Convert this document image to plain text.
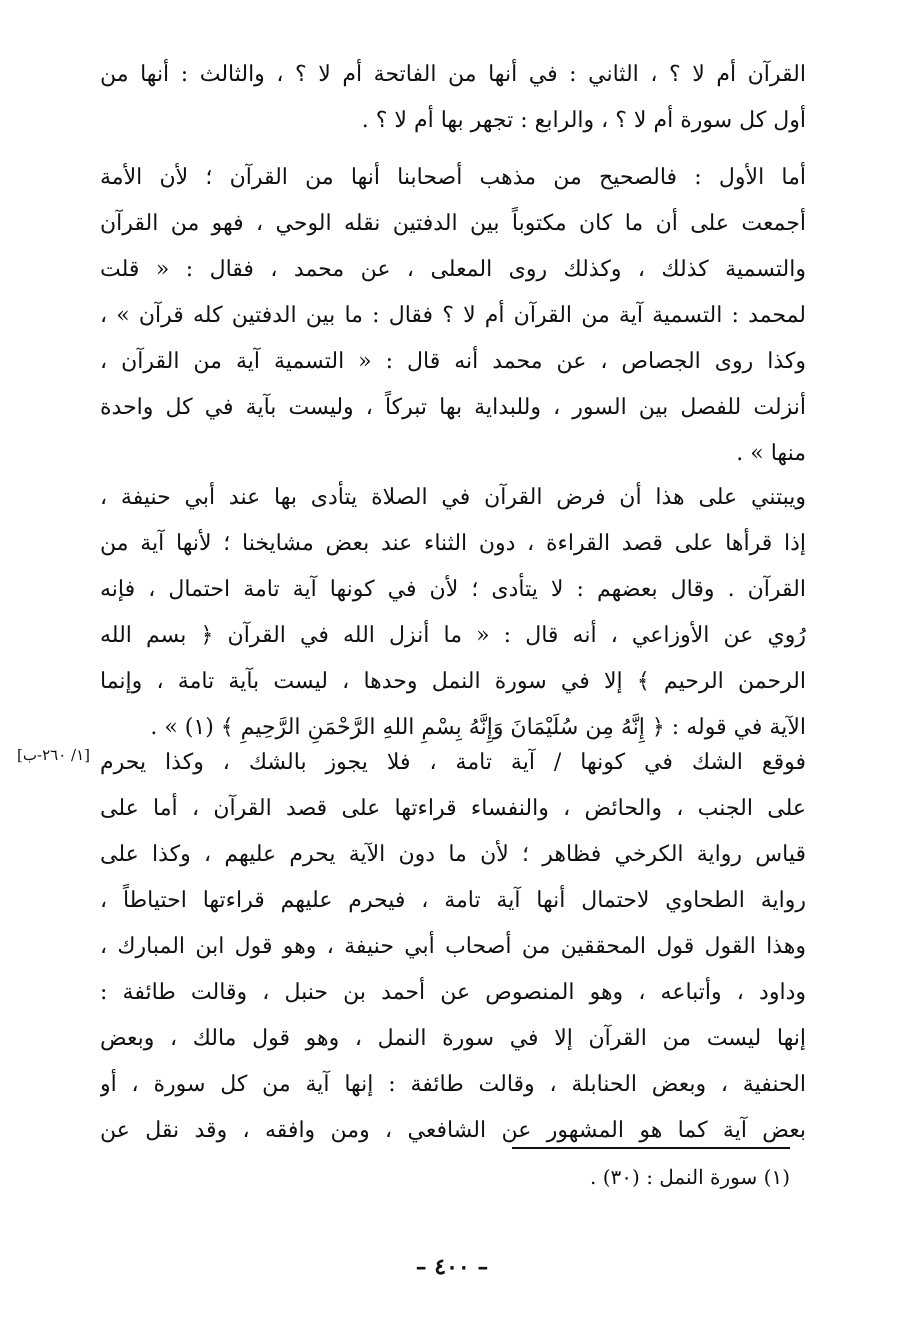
القرآن أم لا ؟ ، الثاني : في أنها من الفاتحة أم لا ؟ ، والثالث : أنها من
أول كل سورة أم لا ؟ ، والرابع : تجهر بها أم لا ؟ .
أما الأول : فالصحيح من مذهب أصحابنا أنها من القرآن ؛ لأن الأمة
أجمعت على أن ما كان مكتوباً بين الدفتين نقله الوحي ، فهو من القرآن
والتسمية كذلك ، وكذلك روى المعلى ، عن محمد ، فقال : « قلت
لمحمد : التسمية آية من القرآن أم لا ؟ فقال : ما بين الدفتين كله قرآن » ،
وكذا روى الجصاص ، عن محمد أنه قال : « التسمية آية من القرآن ،
أنزلت للفصل بين السور ، وللبداية بها تبركاً ، وليست بآية في كل واحدة
منها » .
ويبتني على هذا أن فرض القرآن في الصلاة يتأدى بها عند أبي حنيفة ،
إذا قرأها على قصد القراءة ، دون الثناء عند بعض مشايخنا ؛ لأنها آية من
القرآن . وقال بعضهم : لا يتأدى ؛ لأن في كونها آية تامة احتمال ، فإنه
رُوي عن الأوزاعي ، أنه قال : « ما أنزل الله في القرآن ﴿ بسم الله
الرحمن الرحيم ﴾ إلا في سورة النمل وحدها ، ليست بآية تامة ، وإنما
الآية في قوله : ﴿ إِنَّهُ مِن سُلَيْمَانَ وَإِنَّهُ بِسْمِ اللهِ الرَّحْمَنِ الرَّحِيمِ ﴾ (١) » .
فوقع الشك في كونها / آية تامة ، فلا يجوز بالشك ، وكذا يحرم
على الجنب ، والحائض ، والنفساء قراءتها على قصد القرآن ، أما على
قياس رواية الكرخي فظاهر ؛ لأن ما دون الآية يحرم عليهم ، وكذا على
رواية الطحاوي لاحتمال أنها آية تامة ، فيحرم عليهم قراءتها احتياطاً ،
وهذا القول قول المحققين من أصحاب أبي حنيفة ، وهو قول ابن المبارك ،
وداود ، وأتباعه ، وهو المنصوص عن أحمد بن حنبل ، وقالت طائفة :
إنها ليست من القرآن إلا في سورة النمل ، وهو قول مالك ، وبعض
الحنفية ، وبعض الحنابلة ، وقالت طائفة : إنها آية من كل سورة ، أو
بعض آية كما هو المشهور عن الشافعي ، ومن وافقه ، وقد نقل عن
[١/ ٢٦٠-ب]
(١) سورة النمل : (٣٠) .
– ٤٠٠ –
